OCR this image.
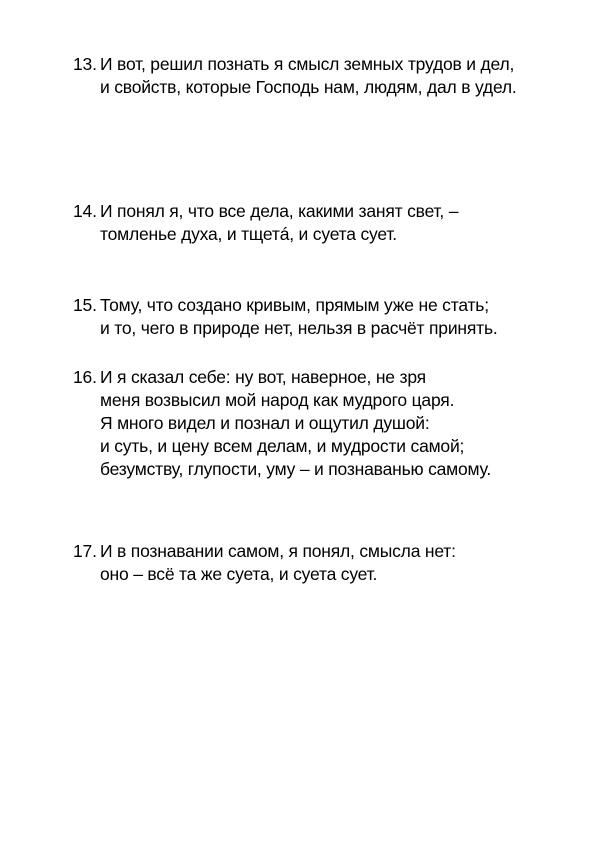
13. И вот, решил познать я смысл земных трудов и дел,
и свойств, которые Господь нам, людям, дал в удел.
14. И понял я, что все дела, какими занят свет, –
томленье духа, и тщетá, и суета сует.
15. Тому, что создано кривым, прямым уже не стать;
и то, чего в природе нет, нельзя в расчёт принять.
16. И я сказал себе: ну вот, наверное, не зря
меня возвысил мой народ как мудрого царя.
Я много видел и познал и ощутил душой:
и суть, и цену всем делам, и мудрости самой;
безумству, глупости, уму – и познаванью самому.
17. И в познавании самом, я понял, смысла нет:
оно – всё та же суета, и суета сует.
